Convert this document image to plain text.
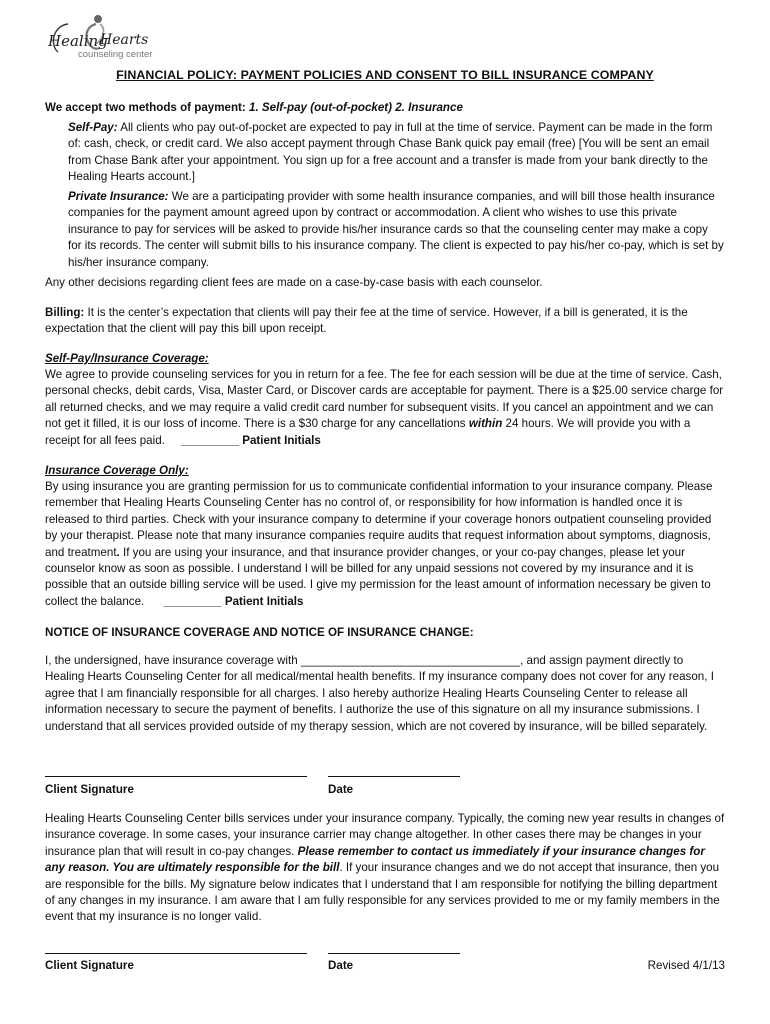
Healing
Hearts
counseling center
FINANCIAL POLICY: PAYMENT POLICIES AND CONSENT TO BILL INSURANCE COMPANY

We accept two methods of payment: 1. Self-pay (out-of-pocket) 2. Insurance

Self-Pay: All clients who pay out-of-pocket are expected to pay in full at the time of service. Payment can be made in the form of: cash, check, or credit card. We also accept payment through Chase Bank quick pay email (free) [You will be sent an email from Chase Bank after your appointment. You sign up for a free account and a transfer is made from your bank directly to the Healing Hearts account.]

Private Insurance: We are a participating provider with some health insurance companies, and will bill those health insurance companies for the payment amount agreed upon by contract or accommodation. A client who wishes to use this private insurance to pay for services will be asked to provide his/her insurance cards so that the counseling center may make a copy for its records. The center will submit bills to his insurance company. The client is expected to pay his/her co-pay, which is set by his/her insurance company.

Any other decisions regarding client fees are made on a case-by-case basis with each counselor.

Billing: It is the center’s expectation that clients will pay their fee at the time of service. However, if a bill is generated, it is the expectation that the client will pay this bill upon receipt.

Self-Pay/Insurance Coverage:

We agree to provide counseling services for you in return for a fee. The fee for each session will be due at the time of service. Cash, personal checks, debit cards, Visa, Master Card, or Discover cards are acceptable for payment. There is a $25.00 service charge for all returned checks, and we may require a valid credit card number for subsequent visits. If you cancel an appointment and we can not get it filled, it is our loss of income. There is a $30 charge for any cancellations within 24 hours. We will provide you with a receipt for all fees paid. _________ Patient Initials

Insurance Coverage Only:

By using insurance you are granting permission for us to communicate confidential information to your insurance company. Please remember that Healing Hearts Counseling Center has no control of, or responsibility for how information is handled once it is released to third parties. Check with your insurance company to determine if your coverage honors outpatient counseling provided by your therapist. Please note that many insurance companies require audits that request information about symptoms, diagnosis, and treatment. If you are using your insurance, and that insurance provider changes, or your co-pay changes, please let your counselor know as soon as possible. I understand I will be billed for any unpaid sessions not covered by my insurance and it is possible that an outside billing service will be used. I give my permission for the least amount of information necessary be given to collect the balance. _________ Patient Initials

NOTICE OF INSURANCE COVERAGE AND NOTICE OF INSURANCE CHANGE:

I, the undersigned, have insurance coverage with __________________________________, and assign payment directly to Healing Hearts Counseling Center for all medical/mental health benefits. If my insurance company does not cover for any reason, I agree that I am financially responsible for all charges. I also hereby authorize Healing Hearts Counseling Center to release all information necessary to secure the payment of benefits. I authorize the use of this signature on all my insurance submissions. I understand that all services provided outside of my therapy session, which are not covered by insurance, will be billed separately.

Client Signature	Date

Healing Hearts Counseling Center bills services under your insurance company. Typically, the coming new year results in changes of insurance coverage. In some cases, your insurance carrier may change altogether. In other cases there may be changes in your insurance plan that will result in co-pay changes. Please remember to contact us immediately if your insurance changes for any reason. You are ultimately responsible for the bill. If your insurance changes and we do not accept that insurance, then you are responsible for the bills. My signature below indicates that I understand that I am responsible for notifying the billing department of any changes in my insurance. I am aware that I am fully responsible for any services provided to me or my family members in the event that my insurance is no longer valid.

Client Signature	Date	Revised 4/1/13
